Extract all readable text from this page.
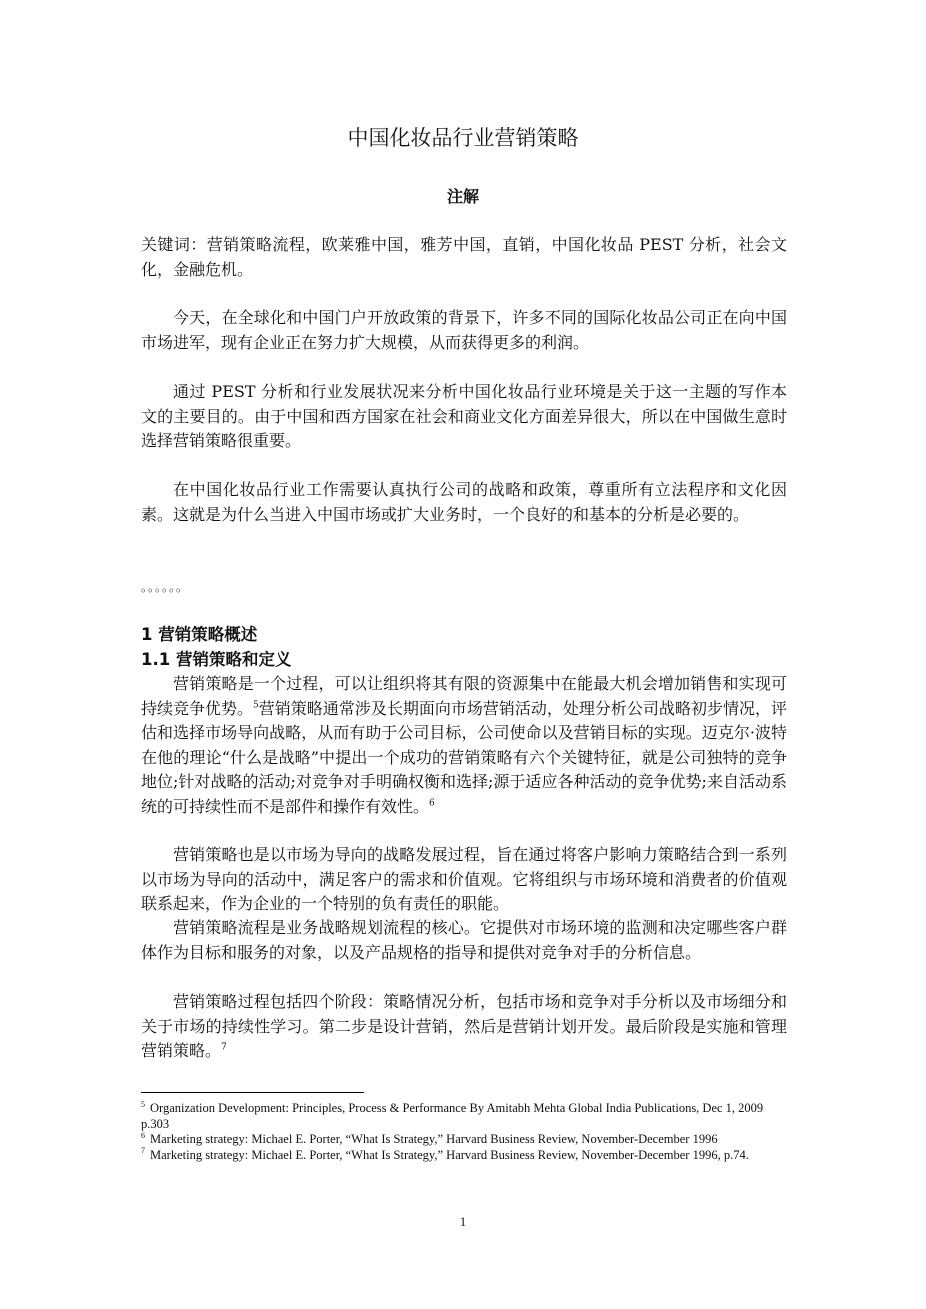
中国化妆品行业营销策略
注解

关键词：营销策略流程，欧莱雅中国，雅芳中国，直销，中国化妆品 PEST 分析，社会文化，金融危机。

今天，在全球化和中国门户开放政策的背景下，许多不同的国际化妆品公司正在向中国市场进军，现有企业正在努力扩大规模，从而获得更多的利润。

通过 PEST 分析和行业发展状况来分析中国化妆品行业环境是关于这一主题的写作本文的主要目的。由于中国和西方国家在社会和商业文化方面差异很大，所以在中国做生意时选择营销策略很重要。

在中国化妆品行业工作需要认真执行公司的战略和政策，尊重所有立法程序和文化因素。这就是为什么当进入中国市场或扩大业务时，一个良好的和基本的分析是必要的。

。。。。。。
1 营销策略概述
1.1 营销策略和定义

营销策略是一个过程，可以让组织将其有限的资源集中在能最大机会增加销售和实现可持续竞争优势。$^5$营销策略通常涉及长期面向市场营销活动，处理分析公司战略初步情况，评估和选择市场导向战略，从而有助于公司目标，公司使命以及营销目标的实现。迈克尔·波特在他的理论“什么是战略”中提出一个成功的营销策略有六个关键特征，就是公司独特的竞争地位;针对战略的活动;对竞争对手明确权衡和选择;源于适应各种活动的竞争优势;来自活动系统的可持续性而不是部件和操作有效性。$^6$

营销策略也是以市场为导向的战略发展过程，旨在通过将客户影响力策略结合到一系列以市场为导向的活动中，满足客户的需求和价值观。它将组织与市场环境和消费者的价值观联系起来，作为企业的一个特别的负有责任的职能。

营销策略流程是业务战略规划流程的核心。它提供对市场环境的监测和决定哪些客户群体作为目标和服务的对象，以及产品规格的指导和提供对竞争对手的分析信息。

营销策略过程包括四个阶段：策略情况分析，包括市场和竞争对手分析以及市场细分和关于市场的持续性学习。第二步是设计营销，然后是营销计划开发。最后阶段是实施和管理营销策略。$^7$

$^5$ Organization Development: Principles, Process & Performance By Amitabh Mehta Global India Publications, Dec 1, 2009 p.303

$^6$ Marketing strategy: Michael E. Porter, “What Is Strategy,” Harvard Business Review, November-December 1996

$^7$ Marketing strategy: Michael E. Porter, “What Is Strategy,” Harvard Business Review, November-December 1996, p.74.

1
